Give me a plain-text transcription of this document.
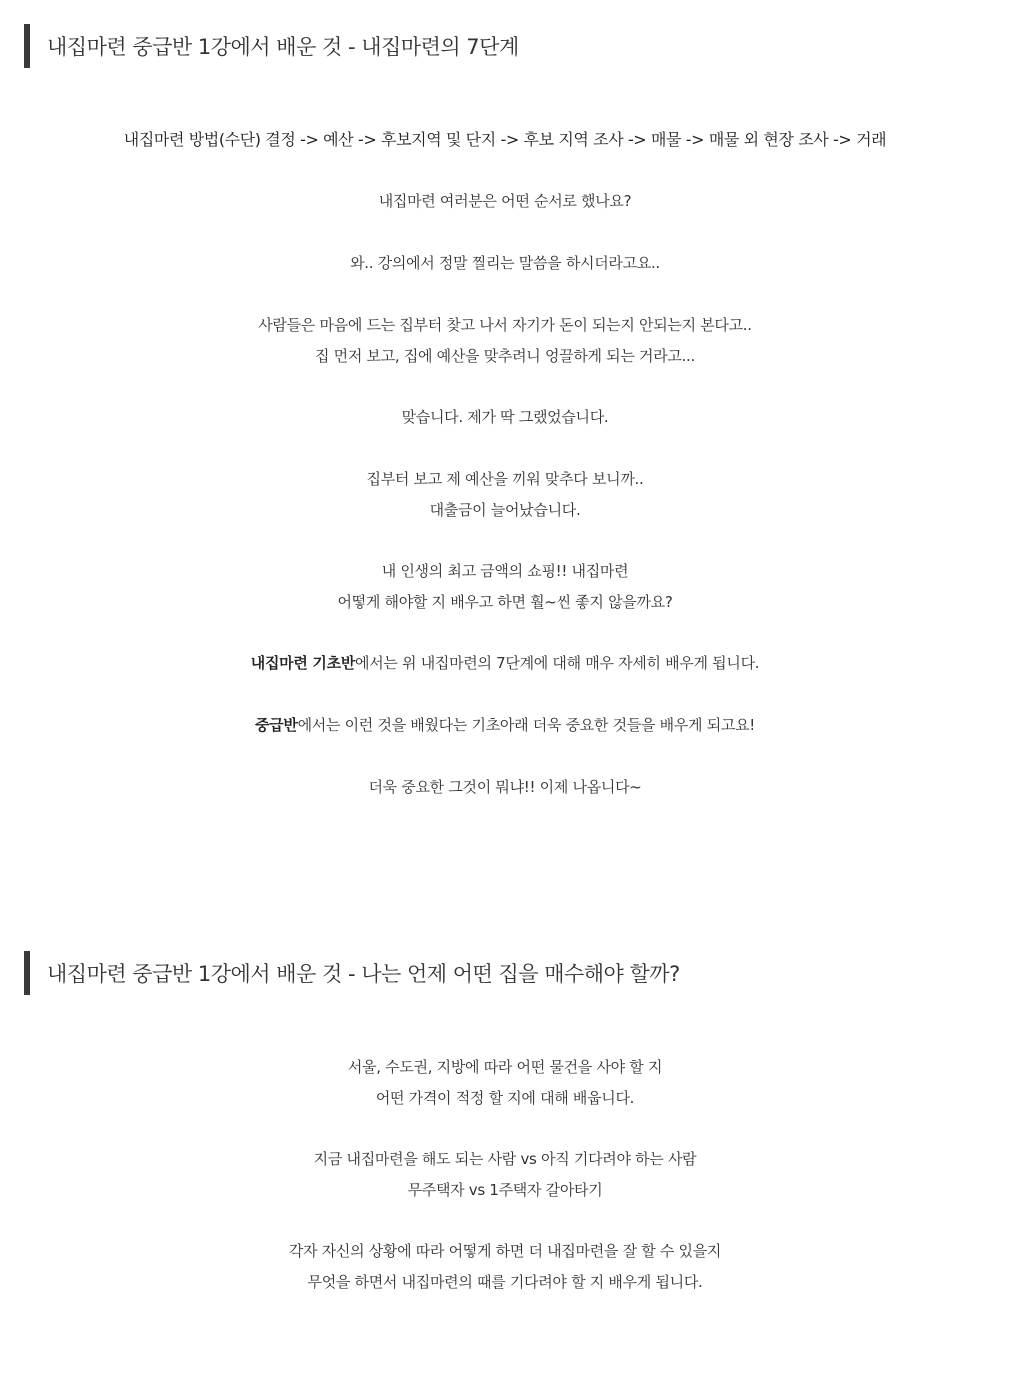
내집마련 중급반 1강에서 배운 것 - 내집마련의 7단계
내집마련 방법(수단) 결정 -> 예산 -> 후보지역 및 단지 -> 후보 지역 조사 -> 매물 -> 매물 외 현장 조사 -> 거래
내집마련 여러분은 어떤 순서로 했나요?
와.. 강의에서 정말 찔리는 말씀을 하시더라고요..
사람들은 마음에 드는 집부터 찾고 나서 자기가 돈이 되는지 안되는지 본다고..
집 먼저 보고, 집에 예산을 맞추려니 엉끌하게 되는 거라고...
맞습니다. 제가 딱 그랬었습니다.
집부터 보고 제 예산을 끼워 맞추다 보니까..
대출금이 늘어났습니다.
내 인생의 최고 금액의 쇼핑!! 내집마련
어떻게 해야할 지 배우고 하면 훨~씬 좋지 않을까요?
내집마련 기초반에서는 위 내집마련의 7단계에 대해 매우 자세히 배우게 됩니다.
중급반에서는 이런 것을 배웠다는 기초아래 더욱 중요한 것들을 배우게 되고요!
더욱 중요한 그것이 뭐냐!! 이제 나옵니다~
내집마련 중급반 1강에서 배운 것 - 나는 언제 어떤 집을 매수해야 할까?
서울, 수도권, 지방에 따라 어떤 물건을 사야 할 지
어떤 가격이 적정 할 지에 대해 배웁니다.
지금 내집마련을 해도 되는 사람 vs 아직 기다려야 하는 사람
무주택자 vs 1주택자 갈아타기
각자 자신의 상황에 따라 어떻게 하면 더 내집마련을 잘 할 수 있을지
무엇을 하면서 내집마련의 때를 기다려야 할 지 배우게 됩니다.
